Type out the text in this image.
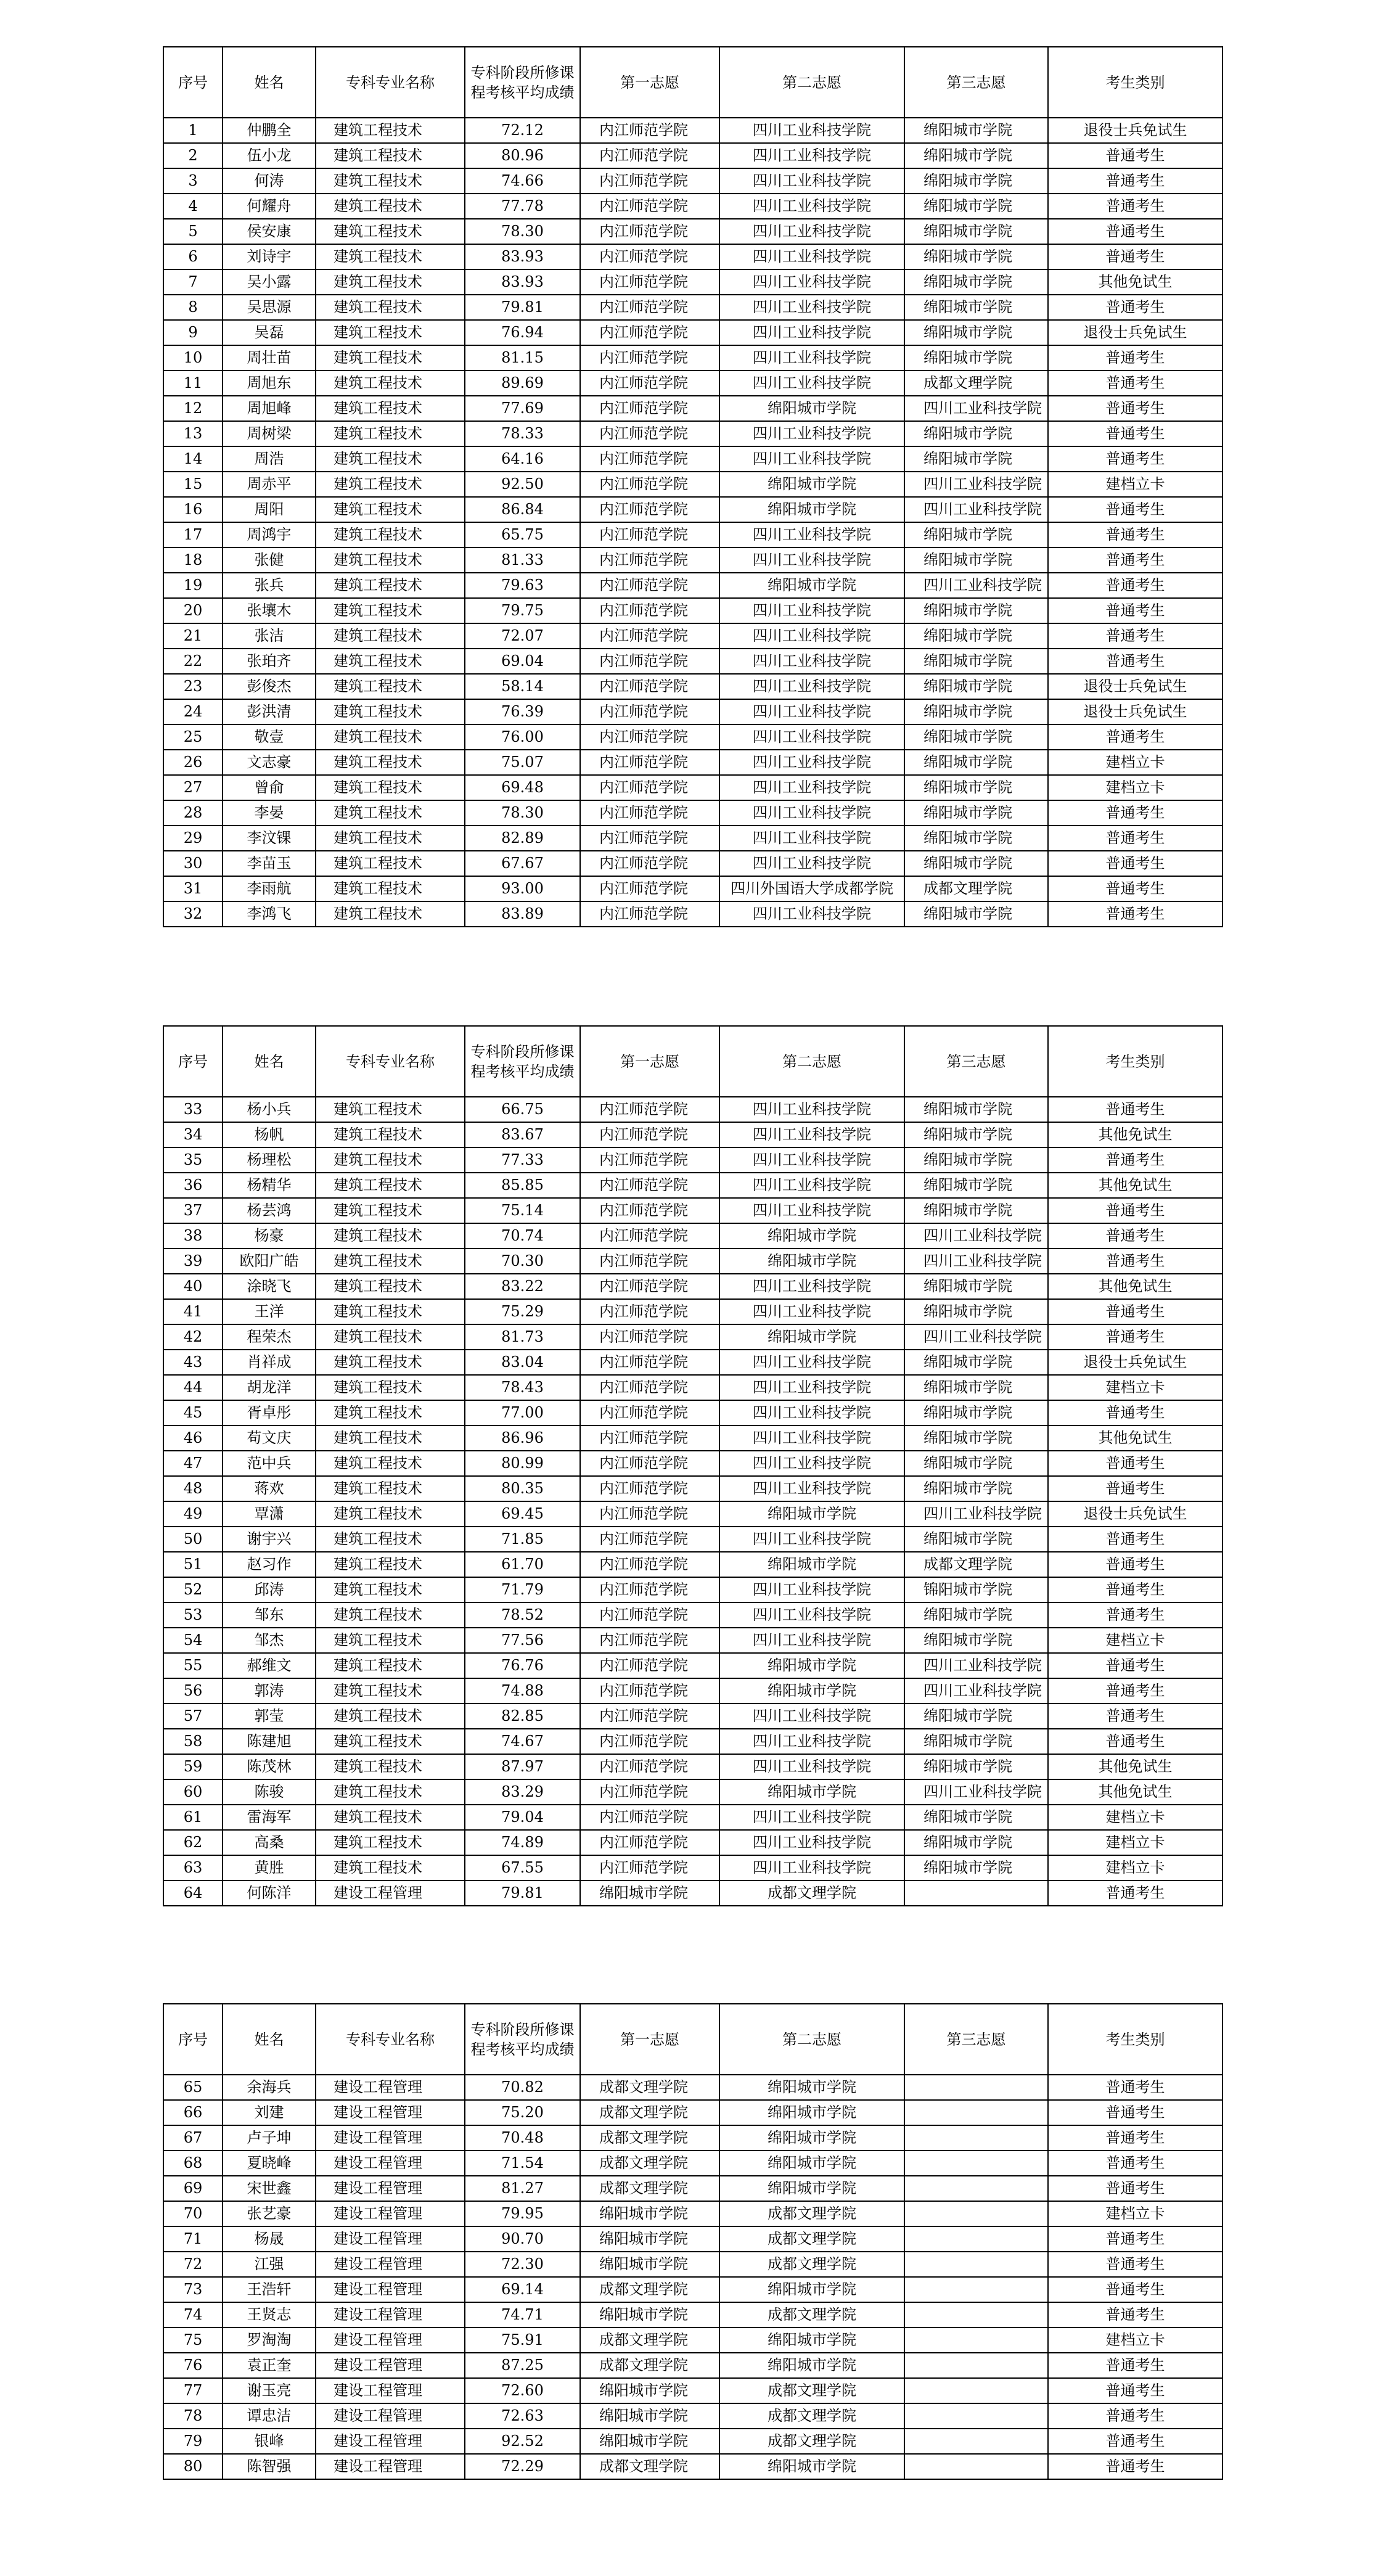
序号	姓名	专科专业名称	专科阶段所修课程考核平均成绩	第一志愿	第二志愿	第三志愿	考生类别
1	仲鹏全	建筑工程技术	72.12	内江师范学院	四川工业科技学院	绵阳城市学院	退役士兵免试生
2	伍小龙	建筑工程技术	80.96	内江师范学院	四川工业科技学院	绵阳城市学院	普通考生
3	何涛	建筑工程技术	74.66	内江师范学院	四川工业科技学院	绵阳城市学院	普通考生
4	何耀舟	建筑工程技术	77.78	内江师范学院	四川工业科技学院	绵阳城市学院	普通考生
5	侯安康	建筑工程技术	78.30	内江师范学院	四川工业科技学院	绵阳城市学院	普通考生
6	刘诗宇	建筑工程技术	83.93	内江师范学院	四川工业科技学院	绵阳城市学院	普通考生
7	吴小露	建筑工程技术	83.93	内江师范学院	四川工业科技学院	绵阳城市学院	其他免试生
8	吴思源	建筑工程技术	79.81	内江师范学院	四川工业科技学院	绵阳城市学院	普通考生
9	吴磊	建筑工程技术	76.94	内江师范学院	四川工业科技学院	绵阳城市学院	退役士兵免试生
10	周壮苗	建筑工程技术	81.15	内江师范学院	四川工业科技学院	绵阳城市学院	普通考生
11	周旭东	建筑工程技术	89.69	内江师范学院	四川工业科技学院	成都文理学院	普通考生
12	周旭峰	建筑工程技术	77.69	内江师范学院	绵阳城市学院	四川工业科技学院	普通考生
13	周树梁	建筑工程技术	78.33	内江师范学院	四川工业科技学院	绵阳城市学院	普通考生
14	周浩	建筑工程技术	64.16	内江师范学院	四川工业科技学院	绵阳城市学院	普通考生
15	周赤平	建筑工程技术	92.50	内江师范学院	绵阳城市学院	四川工业科技学院	建档立卡
16	周阳	建筑工程技术	86.84	内江师范学院	绵阳城市学院	四川工业科技学院	普通考生
17	周鸿宇	建筑工程技术	65.75	内江师范学院	四川工业科技学院	绵阳城市学院	普通考生
18	张健	建筑工程技术	81.33	内江师范学院	四川工业科技学院	绵阳城市学院	普通考生
19	张兵	建筑工程技术	79.63	内江师范学院	绵阳城市学院	四川工业科技学院	普通考生
20	张壤木	建筑工程技术	79.75	内江师范学院	四川工业科技学院	绵阳城市学院	普通考生
21	张洁	建筑工程技术	72.07	内江师范学院	四川工业科技学院	绵阳城市学院	普通考生
22	张珀齐	建筑工程技术	69.04	内江师范学院	四川工业科技学院	绵阳城市学院	普通考生
23	彭俊杰	建筑工程技术	58.14	内江师范学院	四川工业科技学院	绵阳城市学院	退役士兵免试生
24	彭洪清	建筑工程技术	76.39	内江师范学院	四川工业科技学院	绵阳城市学院	退役士兵免试生
25	敬壹	建筑工程技术	76.00	内江师范学院	四川工业科技学院	绵阳城市学院	普通考生
26	文志豪	建筑工程技术	75.07	内江师范学院	四川工业科技学院	绵阳城市学院	建档立卡
27	曾俞	建筑工程技术	69.48	内江师范学院	四川工业科技学院	绵阳城市学院	建档立卡
28	李晏	建筑工程技术	78.30	内江师范学院	四川工业科技学院	绵阳城市学院	普通考生
29	李汶锞	建筑工程技术	82.89	内江师范学院	四川工业科技学院	绵阳城市学院	普通考生
30	李苗玉	建筑工程技术	67.67	内江师范学院	四川工业科技学院	绵阳城市学院	普通考生
31	李雨航	建筑工程技术	93.00	内江师范学院	四川外国语大学成都学院	成都文理学院	普通考生
32	李鸿飞	建筑工程技术	83.89	内江师范学院	四川工业科技学院	绵阳城市学院	普通考生
序号	姓名	专科专业名称	专科阶段所修课程考核平均成绩	第一志愿	第二志愿	第三志愿	考生类别
33	杨小兵	建筑工程技术	66.75	内江师范学院	四川工业科技学院	绵阳城市学院	普通考生
34	杨帆	建筑工程技术	83.67	内江师范学院	四川工业科技学院	绵阳城市学院	其他免试生
35	杨理松	建筑工程技术	77.33	内江师范学院	四川工业科技学院	绵阳城市学院	普通考生
36	杨精华	建筑工程技术	85.85	内江师范学院	四川工业科技学院	绵阳城市学院	其他免试生
37	杨芸鸿	建筑工程技术	75.14	内江师范学院	四川工业科技学院	绵阳城市学院	普通考生
38	杨豪	建筑工程技术	70.74	内江师范学院	绵阳城市学院	四川工业科技学院	普通考生
39	欧阳广皓	建筑工程技术	70.30	内江师范学院	绵阳城市学院	四川工业科技学院	普通考生
40	涂晓飞	建筑工程技术	83.22	内江师范学院	四川工业科技学院	绵阳城市学院	其他免试生
41	王洋	建筑工程技术	75.29	内江师范学院	四川工业科技学院	绵阳城市学院	普通考生
42	程荣杰	建筑工程技术	81.73	内江师范学院	绵阳城市学院	四川工业科技学院	普通考生
43	肖祥成	建筑工程技术	83.04	内江师范学院	四川工业科技学院	绵阳城市学院	退役士兵免试生
44	胡龙洋	建筑工程技术	78.43	内江师范学院	四川工业科技学院	绵阳城市学院	建档立卡
45	胥卓彤	建筑工程技术	77.00	内江师范学院	四川工业科技学院	绵阳城市学院	普通考生
46	苟文庆	建筑工程技术	86.96	内江师范学院	四川工业科技学院	绵阳城市学院	其他免试生
47	范中兵	建筑工程技术	80.99	内江师范学院	四川工业科技学院	绵阳城市学院	普通考生
48	蒋欢	建筑工程技术	80.35	内江师范学院	四川工业科技学院	绵阳城市学院	普通考生
49	覃潇	建筑工程技术	69.45	内江师范学院	绵阳城市学院	四川工业科技学院	退役士兵免试生
50	谢宇兴	建筑工程技术	71.85	内江师范学院	四川工业科技学院	绵阳城市学院	普通考生
51	赵习作	建筑工程技术	61.70	内江师范学院	绵阳城市学院	成都文理学院	普通考生
52	邱涛	建筑工程技术	71.79	内江师范学院	四川工业科技学院	锦阳城市学院	普通考生
53	邹东	建筑工程技术	78.52	内江师范学院	四川工业科技学院	绵阳城市学院	普通考生
54	邹杰	建筑工程技术	77.56	内江师范学院	四川工业科技学院	绵阳城市学院	建档立卡
55	郝维文	建筑工程技术	76.76	内江师范学院	绵阳城市学院	四川工业科技学院	普通考生
56	郭涛	建筑工程技术	74.88	内江师范学院	绵阳城市学院	四川工业科技学院	普通考生
57	郭莹	建筑工程技术	82.85	内江师范学院	四川工业科技学院	绵阳城市学院	普通考生
58	陈建旭	建筑工程技术	74.67	内江师范学院	四川工业科技学院	绵阳城市学院	普通考生
59	陈茂林	建筑工程技术	87.97	内江师范学院	四川工业科技学院	绵阳城市学院	其他免试生
60	陈骏	建筑工程技术	83.29	内江师范学院	绵阳城市学院	四川工业科技学院	其他免试生
61	雷海军	建筑工程技术	79.04	内江师范学院	四川工业科技学院	绵阳城市学院	建档立卡
62	高桑	建筑工程技术	74.89	内江师范学院	四川工业科技学院	绵阳城市学院	建档立卡
63	黄胜	建筑工程技术	67.55	内江师范学院	四川工业科技学院	绵阳城市学院	建档立卡
64	何陈洋	建设工程管理	79.81	绵阳城市学院	成都文理学院		普通考生
序号	姓名	专科专业名称	专科阶段所修课程考核平均成绩	第一志愿	第二志愿	第三志愿	考生类别
65	余海兵	建设工程管理	70.82	成都文理学院	绵阳城市学院		普通考生
66	刘建	建设工程管理	75.20	成都文理学院	绵阳城市学院		普通考生
67	卢子坤	建设工程管理	70.48	成都文理学院	绵阳城市学院		普通考生
68	夏晓峰	建设工程管理	71.54	成都文理学院	绵阳城市学院		普通考生
69	宋世鑫	建设工程管理	81.27	成都文理学院	绵阳城市学院		普通考生
70	张艺豪	建设工程管理	79.95	绵阳城市学院	成都文理学院		建档立卡
71	杨晟	建设工程管理	90.70	绵阳城市学院	成都文理学院		普通考生
72	江强	建设工程管理	72.30	绵阳城市学院	成都文理学院		普通考生
73	王浩轩	建设工程管理	69.14	成都文理学院	绵阳城市学院		普通考生
74	王贤志	建设工程管理	74.71	绵阳城市学院	成都文理学院		普通考生
75	罗淘淘	建设工程管理	75.91	成都文理学院	绵阳城市学院		建档立卡
76	袁正奎	建设工程管理	87.25	成都文理学院	绵阳城市学院		普通考生
77	谢玉亮	建设工程管理	72.60	绵阳城市学院	成都文理学院		普通考生
78	谭忠洁	建设工程管理	72.63	绵阳城市学院	成都文理学院		普通考生
79	银峰	建设工程管理	92.52	绵阳城市学院	成都文理学院		普通考生
80	陈智强	建设工程管理	72.29	成都文理学院	绵阳城市学院		普通考生
